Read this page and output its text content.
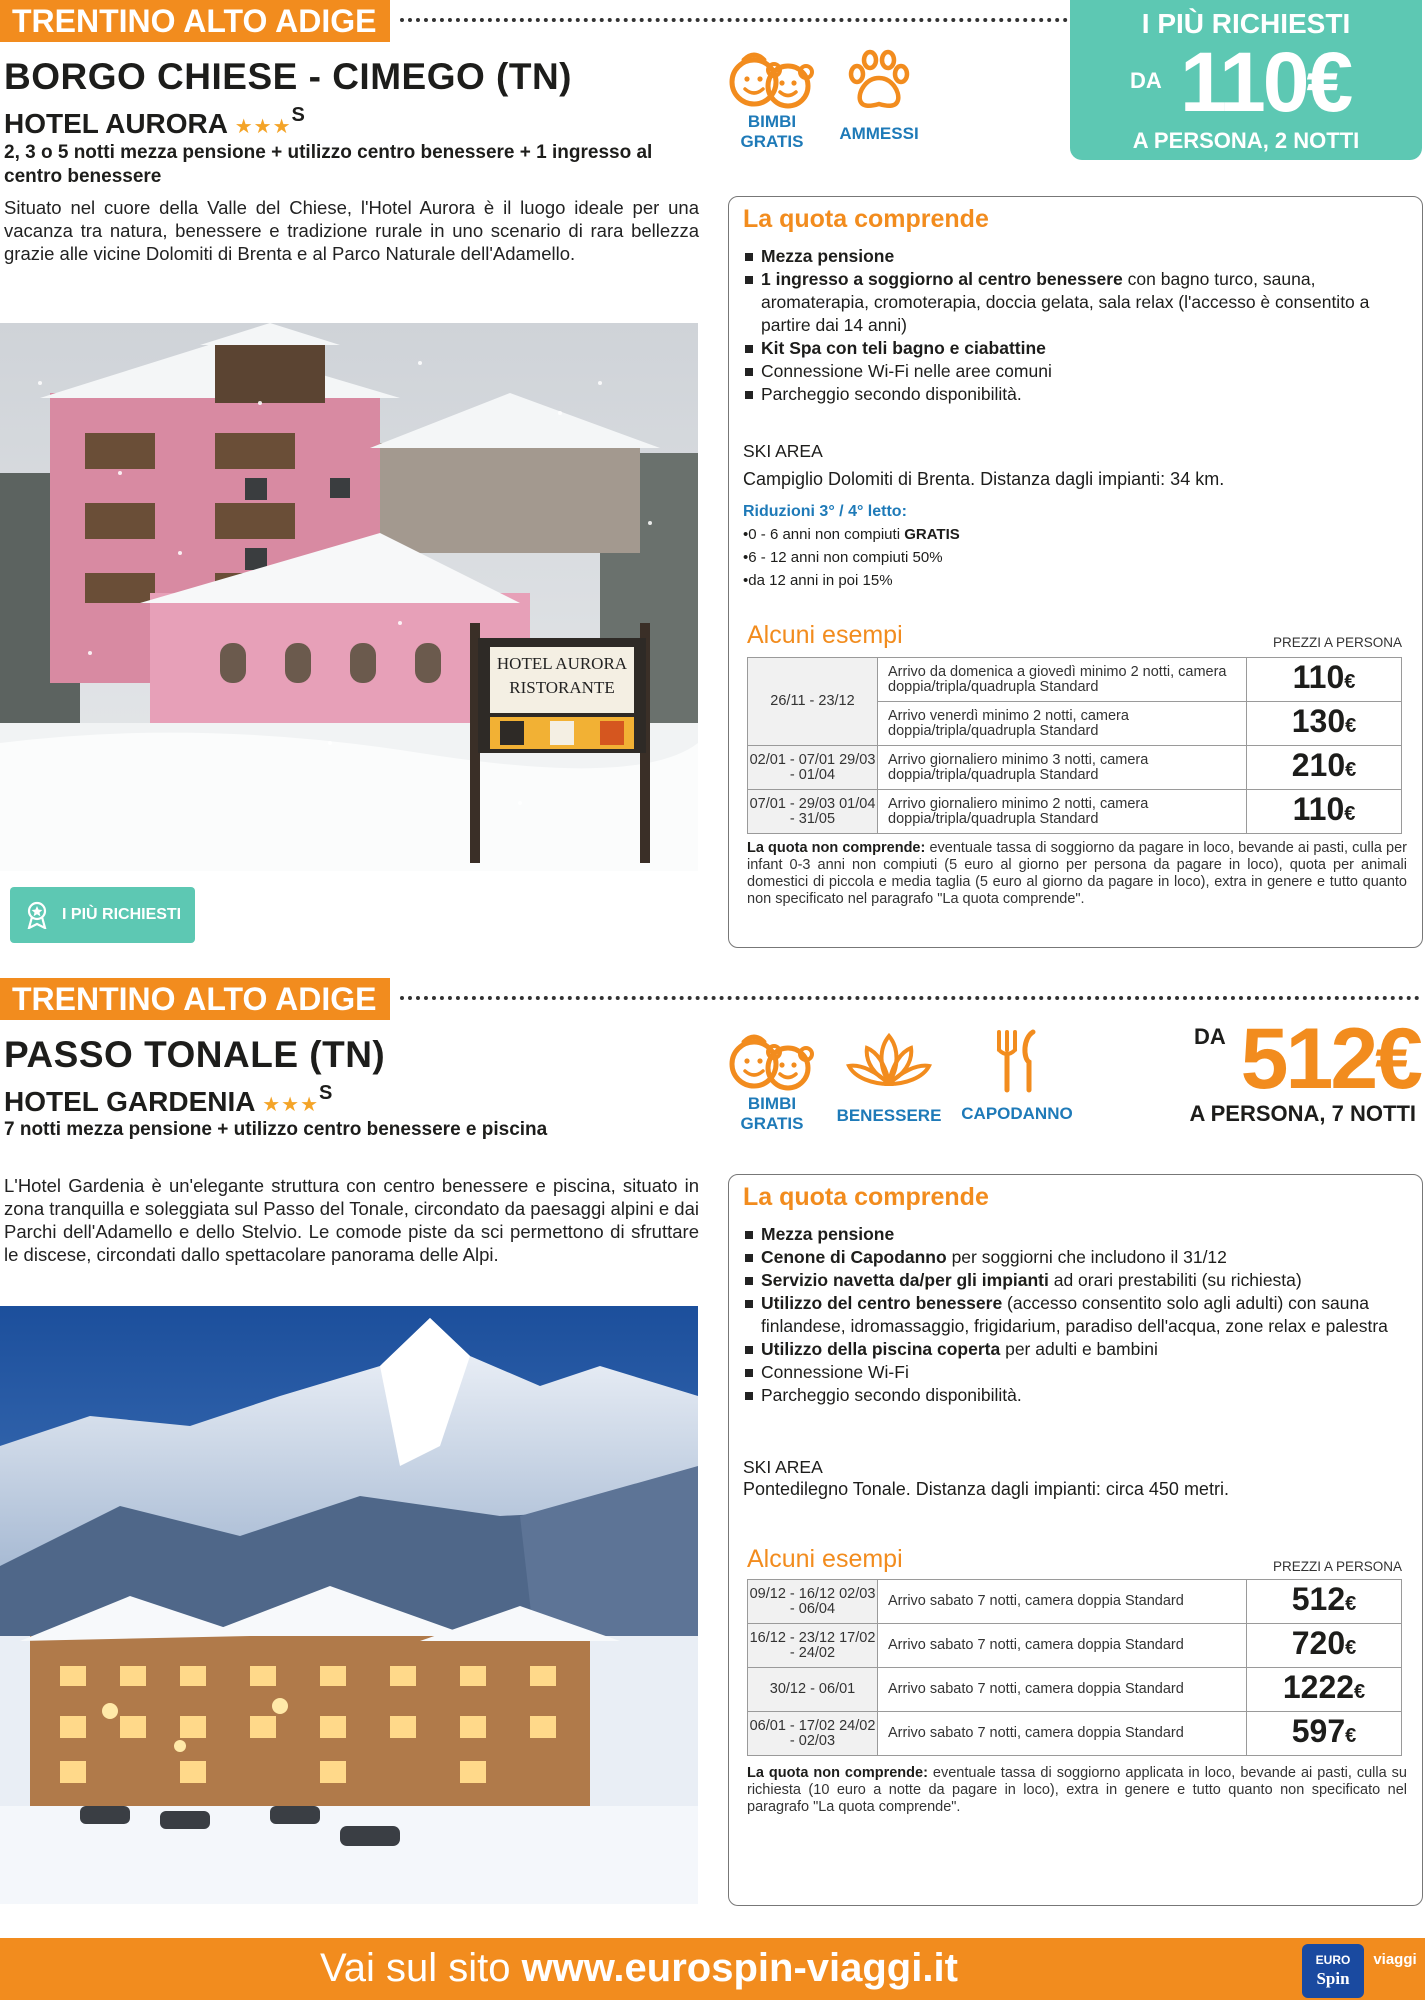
TRENTINO ALTO ADIGE
BORGO CHIESE - CIMEGO (TN)
HOTEL AURORA ★★★$^S$
2, 3 o 5 notti mezza pensione + utilizzo centro benessere + 1 ingresso al centro benessere
Situato nel cuore della Valle del Chiese, l'Hotel Aurora è il luogo ideale per una vacanza tra natura, benessere e tradizione rurale in uno scenario di rara bellezza grazie alle vicine Dolomiti di Brenta e al Parco Naturale dell'Adamello.
BIMBI
GRATIS	AMMESSI
I PIÙ RICHIESTI
DA 110€
A PERSONA, 2 NOTTI
HOTEL AURORA
RISTORANTE
I PIÙ RICHIESTI
La quota comprende
Mezza pensione
1 ingresso a soggiorno al centro benessere con bagno turco, sauna, aromaterapia, cromoterapia, doccia gelata, sala relax (l'accesso è consentito a partire dai 14 anni)
Kit Spa con teli bagno e ciabattine
Connessione Wi-Fi nelle aree comuni
Parcheggio secondo disponibilità.
SKI AREA
Campiglio Dolomiti di Brenta. Distanza dagli impianti: 34 km.
Riduzioni 3° / 4° letto:
• 0 - 6 anni non compiuti GRATIS
• 6 - 12 anni non compiuti 50%
• da 12 anni in poi 15%
Alcuni esempi	PREZZI A PERSONA
26/11 - 23/12	Arrivo da domenica a giovedì minimo 2 notti, camera doppia/tripla/quadrupla Standard	110€
	Arrivo venerdì minimo 2 notti, camera doppia/tripla/quadrupla Standard	130€
02/01 - 07/01 29/03 - 01/04	Arrivo giornaliero minimo 3 notti, camera doppia/tripla/quadrupla Standard	210€
07/01 - 29/03 01/04 - 31/05	Arrivo giornaliero minimo 2 notti, camera doppia/tripla/quadrupla Standard	110€
La quota non comprende: eventuale tassa di soggiorno da pagare in loco, bevande ai pasti, culla per infant 0-3 anni non compiuti (5 euro al giorno per persona da pagare in loco), quota per animali domestici di piccola e media taglia (5 euro al giorno da pagare in loco), extra in genere e tutto quanto non specificato nel paragrafo "La quota comprende".
TRENTINO ALTO ADIGE
PASSO TONALE (TN)
HOTEL GARDENIA ★★★$^S$
7 notti mezza pensione + utilizzo centro benessere e piscina
L'Hotel Gardenia è un'elegante struttura con centro benessere e piscina, situato in zona tranquilla e soleggiata sul Passo del Tonale, circondato da paesaggi alpini e dai Parchi dell'Adamello e dello Stelvio. Le comode piste da sci permettono di sfruttare le discese, circondati dallo spettacolare panorama delle Alpi.
BIMBI
GRATIS	BENESSERE	CAPODANNO
DA 512€
A PERSONA, 7 NOTTI
La quota comprende
Mezza pensione
Cenone di Capodanno per soggiorni che includono il 31/12
Servizio navetta da/per gli impianti ad orari prestabiliti (su richiesta)
Utilizzo del centro benessere (accesso consentito solo agli adulti) con sauna finlandese, idromassaggio, frigidarium, paradiso dell'acqua, zone relax e palestra
Utilizzo della piscina coperta per adulti e bambini
Connessione Wi-Fi
Parcheggio secondo disponibilità.
SKI AREA
Pontedilegno Tonale. Distanza dagli impianti: circa 450 metri.
Alcuni esempi	PREZZI A PERSONA
09/12 - 16/12 02/03 - 06/04	Arrivo sabato 7 notti, camera doppia Standard	512€
16/12 - 23/12 17/02 - 24/02	Arrivo sabato 7 notti, camera doppia Standard	720€
30/12 - 06/01	Arrivo sabato 7 notti, camera doppia Standard	1222€
06/01 - 17/02 24/02 - 02/03	Arrivo sabato 7 notti, camera doppia Standard	597€
La quota non comprende: eventuale tassa di soggiorno applicata in loco, bevande ai pasti, culla su richiesta (10 euro a notte da pagare in loco), extra in genere e tutto quanto non specificato nel paragrafo "La quota comprende".
Vai sul sito www.eurospin-viaggi.it	EURO
Spin
viaggi
